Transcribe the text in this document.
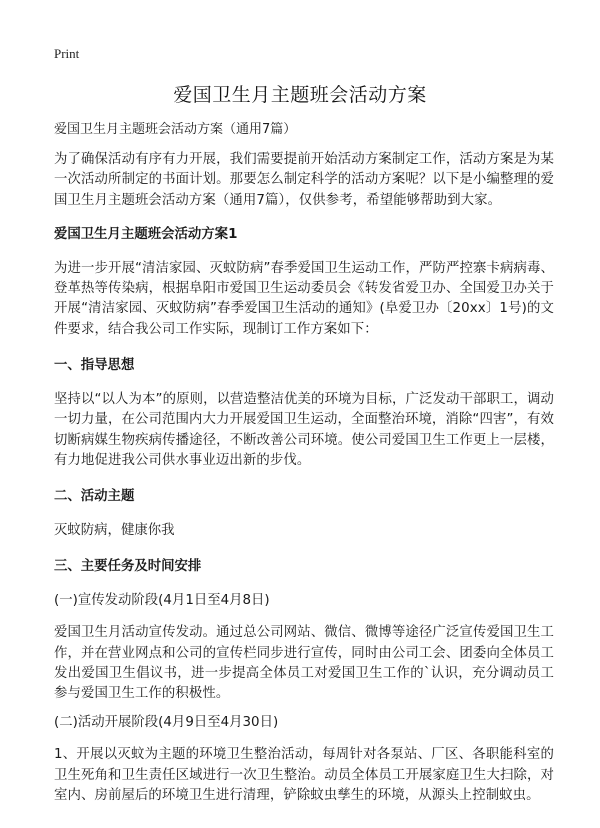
Print
爱国卫生月主题班会活动方案

爱国卫生月主题班会活动方案（通用7篇）

为了确保活动有序有力开展，我们需要提前开始活动方案制定工作，活动方案是为某一次活动所制定的书面计划。那要怎么制定科学的活动方案呢？以下是小编整理的爱国卫生月主题班会活动方案（通用7篇），仅供参考，希望能够帮助到大家。

爱国卫生月主题班会活动方案1

为进一步开展“清洁家园、灭蚊防病”春季爱国卫生运动工作，严防严控寨卡病病毒、登革热等传染病，根据阜阳市爱国卫生运动委员会《转发省爱卫办、全国爱卫办关于开展“清洁家园、灭蚊防病”春季爱国卫生活动的通知》(阜爱卫办〔20xx〕1号)的文件要求，结合我公司工作实际，现制订工作方案如下：

一、指导思想

坚持以“以人为本”的原则，以营造整洁优美的环境为目标，广泛发动干部职工，调动一切力量，在公司范围内大力开展爱国卫生运动，全面整治环境，消除“四害”，有效切断病媒生物疾病传播途径，不断改善公司环境。使公司爱国卫生工作更上一层楼，有力地促进我公司供水事业迈出新的步伐。

二、活动主题

灭蚊防病，健康你我

三、主要任务及时间安排

(一)宣传发动阶段(4月1日至4月8日)

爱国卫生月活动宣传发动。通过总公司网站、微信、微博等途径广泛宣传爱国卫生工作，并在营业网点和公司的宣传栏同步进行宣传，同时由公司工会、团委向全体员工发出爱国卫生倡议书，进一步提高全体员工对爱国卫生工作的`认识，充分调动员工参与爱国卫生工作的积极性。

(二)活动开展阶段(4月9日至4月30日)

1、开展以灭蚊为主题的环境卫生整治活动，每周针对各泵站、厂区、各职能科室的卫生死角和卫生责任区域进行一次卫生整治。动员全体员工开展家庭卫生大扫除，对室内、房前屋后的环境卫生进行清理，铲除蚊虫孳生的环境，从源头上控制蚊虫。
